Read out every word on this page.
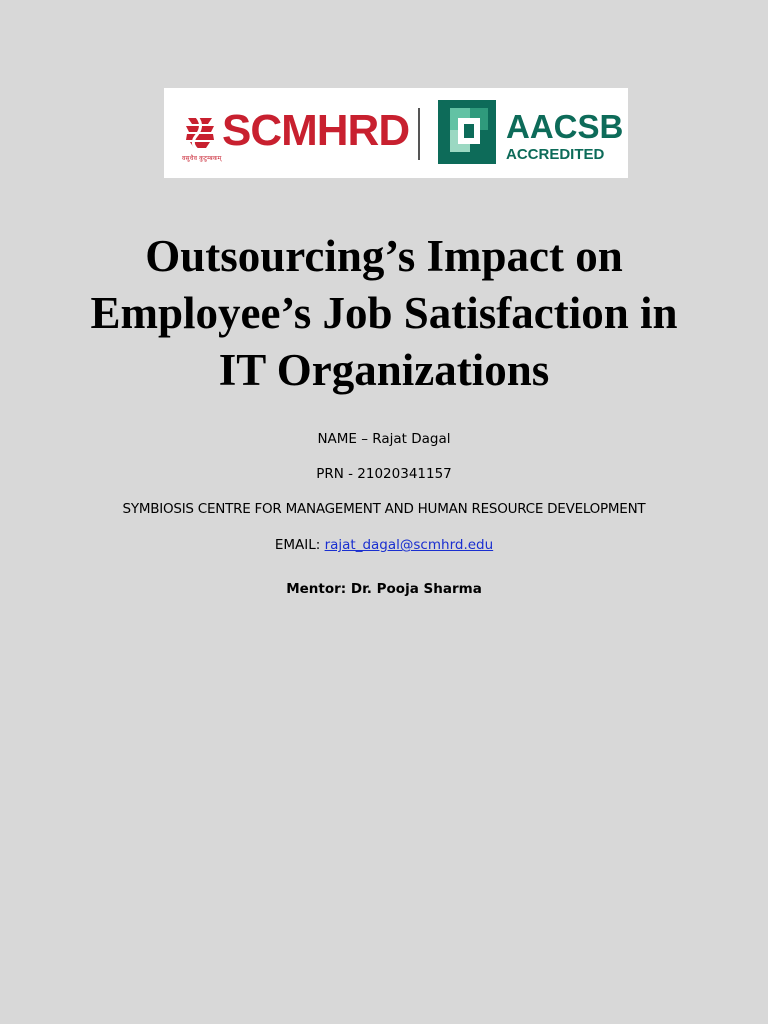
वसुधैव कुटुम्बकम्
SCMHRD	AACSB
ACCREDITED
Outsourcing’s Impact on
Employee’s Job Satisfaction in
IT Organizations
NAME – Rajat Dagal
PRN - 21020341157
SYMBIOSIS CENTRE FOR MANAGEMENT AND HUMAN RESOURCE DEVELOPMENT
EMAIL: rajat_dagal@scmhrd.edu
Mentor: Dr. Pooja Sharma
